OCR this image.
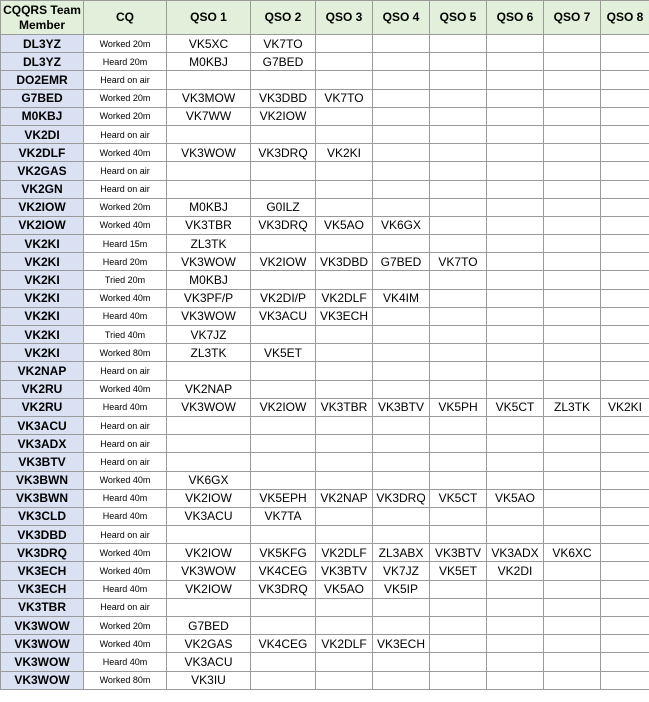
CQQRS Team Member	CQ	QSO 1	QSO 2	QSO 3	QSO 4	QSO 5	QSO 6	QSO 7	QSO 8
DL3YZ	Worked 20m	VK5XC	VK7TO						
DL3YZ	Heard 20m	M0KBJ	G7BED						
DO2EMR	Heard on air								
G7BED	Worked 20m	VK3MOW	VK3DBD	VK7TO					
M0KBJ	Worked 20m	VK7WW	VK2IOW						
VK2DI	Heard on air								
VK2DLF	Worked 40m	VK3WOW	VK3DRQ	VK2KI					
VK2GAS	Heard on air								
VK2GN	Heard on air								
VK2IOW	Worked 20m	M0KBJ	G0ILZ						
VK2IOW	Worked 40m	VK3TBR	VK3DRQ	VK5AO	VK6GX				
VK2KI	Heard 15m	ZL3TK							
VK2KI	Heard 20m	VK3WOW	VK2IOW	VK3DBD	G7BED	VK7TO			
VK2KI	Tried 20m	M0KBJ							
VK2KI	Worked 40m	VK3PF/P	VK2DI/P	VK2DLF	VK4IM				
VK2KI	Heard 40m	VK3WOW	VK3ACU	VK3ECH					
VK2KI	Tried 40m	VK7JZ							
VK2KI	Worked 80m	ZL3TK	VK5ET						
VK2NAP	Heard on air								
VK2RU	Worked 40m	VK2NAP							
VK2RU	Heard 40m	VK3WOW	VK2IOW	VK3TBR	VK3BTV	VK5PH	VK5CT	ZL3TK	VK2KI
VK3ACU	Heard on air								
VK3ADX	Heard on air								
VK3BTV	Heard on air								
VK3BWN	Worked 40m	VK6GX							
VK3BWN	Heard 40m	VK2IOW	VK5EPH	VK2NAP	VK3DRQ	VK5CT	VK5AO		
VK3CLD	Heard 40m	VK3ACU	VK7TA						
VK3DBD	Heard on air								
VK3DRQ	Worked 40m	VK2IOW	VK5KFG	VK2DLF	ZL3ABX	VK3BTV	VK3ADX	VK6XC	
VK3ECH	Worked 40m	VK3WOW	VK4CEG	VK3BTV	VK7JZ	VK5ET	VK2DI		
VK3ECH	Heard 40m	VK2IOW	VK3DRQ	VK5AO	VK5IP				
VK3TBR	Heard on air								
VK3WOW	Worked 20m	G7BED							
VK3WOW	Worked 40m	VK2GAS	VK4CEG	VK2DLF	VK3ECH				
VK3WOW	Heard 40m	VK3ACU							
VK3WOW	Worked 80m	VK3IU							
